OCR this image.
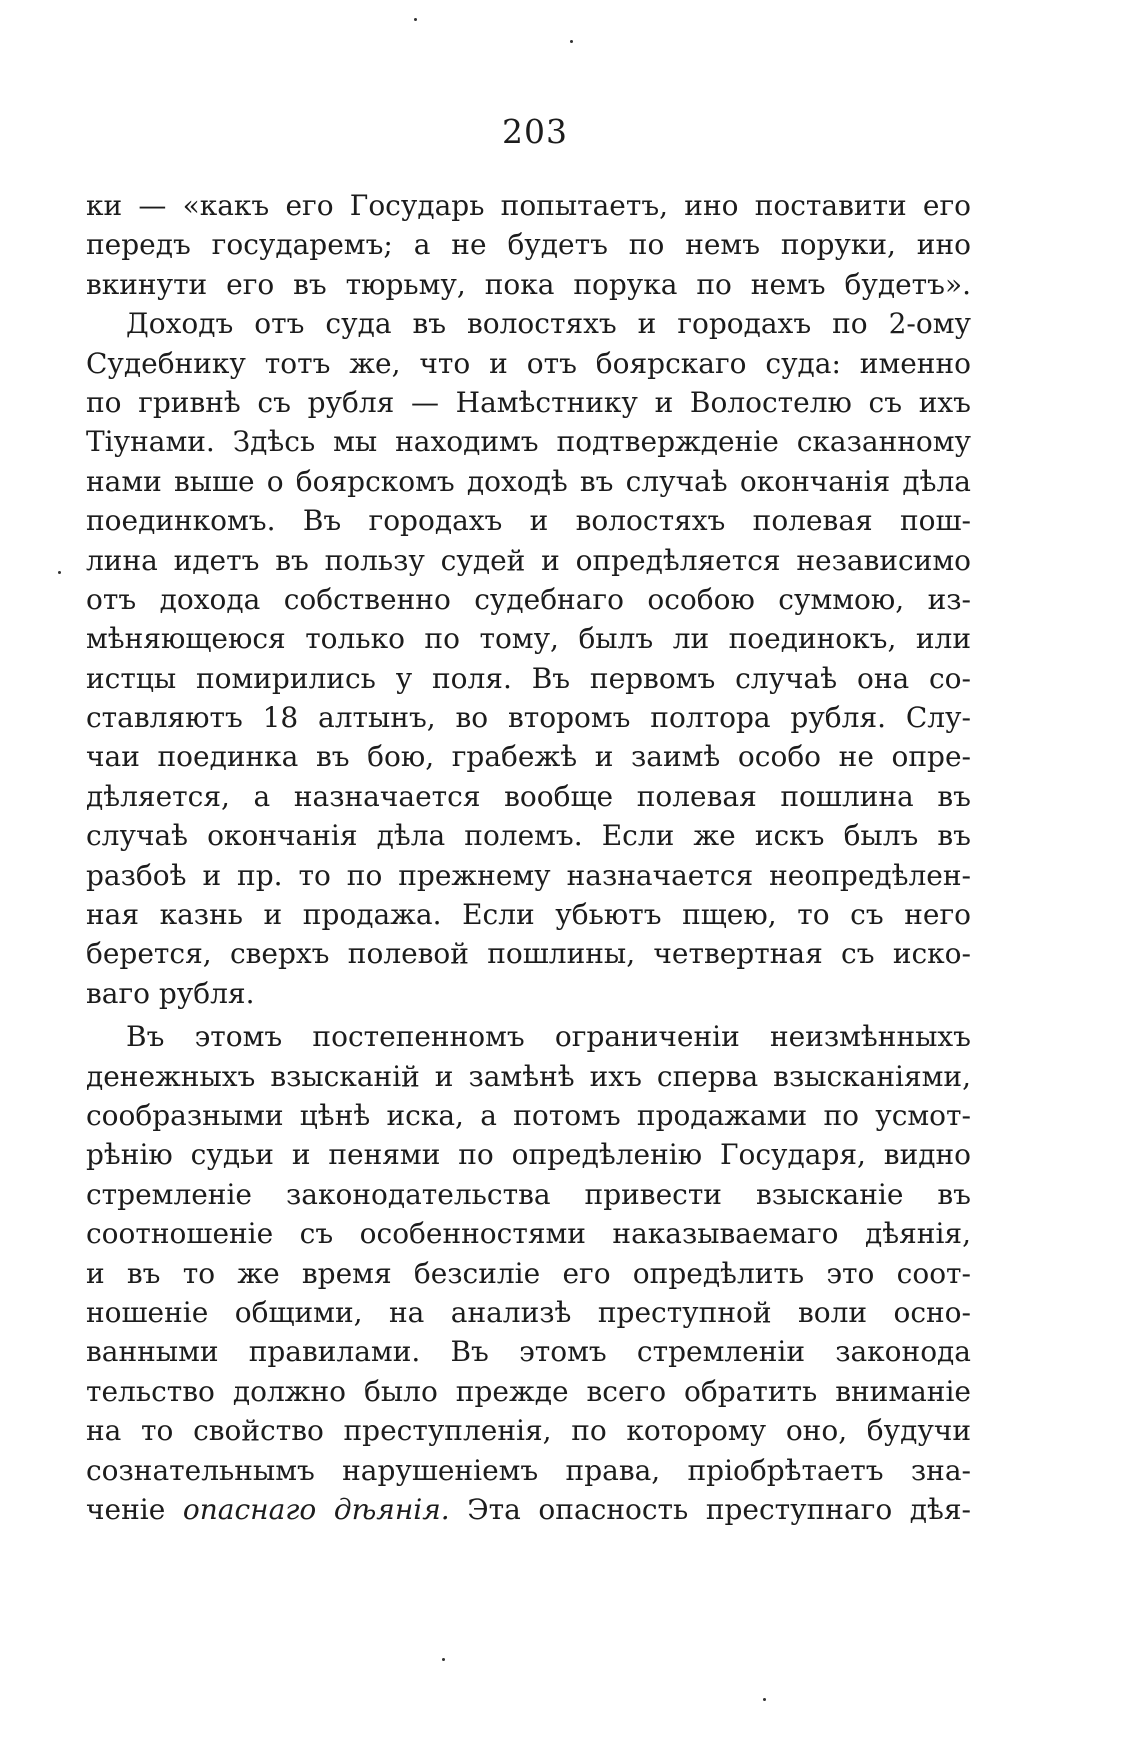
203
ки — «какъ его Государь попытаетъ, ино поставити его
передъ государемъ; а не будетъ по немъ поруки, ино
вкинути его въ тюрьму, пока порука по немъ будетъ».
Доходъ отъ суда въ волостяхъ и городахъ по 2-ому
Судебнику тотъ же, что и отъ боярскаго суда: именно
по гривнѣ съ рубля — Намѣстнику и Волостелю съ ихъ
Тіунами. Здѣсь мы находимъ подтвержденіе сказанному
нами выше о боярскомъ доходѣ въ случаѣ окончанія дѣла
поединкомъ. Въ городахъ и волостяхъ полевая пош-
лина идетъ въ пользу судей и опредѣляется независимо
отъ дохода собственно судебнаго особою суммою, из-
мѣняющеюся только по тому, былъ ли поединокъ, или
истцы помирились у поля. Въ первомъ случаѣ она со-
ставляютъ 18 алтынъ, во второмъ полтора рубля. Слу-
чаи поединка въ бою, грабежѣ и заимѣ особо не опре-
дѣляется, а назначается вообще полевая пошлина въ
случаѣ окончанія дѣла полемъ. Если же искъ былъ въ
разбоѣ и пр. то по прежнему назначается неопредѣлен-
ная казнь и продажа. Если убьютъ пщею, то съ него
берется, сверхъ полевой пошлины, четвертная съ иско-
ваго рубля.
Въ этомъ постепенномъ ограниченіи неизмѣнныхъ
денежныхъ взысканій и замѣнѣ ихъ сперва взысканіями,
сообразными цѣнѣ иска, а потомъ продажами по усмот-
рѣнію судьи и пенями по опредѣленію Государя, видно
стремленіе законодательства привести взысканіе въ
соотношеніе съ особенностями наказываемаго дѣянія,
и въ то же время безсиліе его опредѣлить это соот-
ношеніе общими, на анализѣ преступной воли осно-
ванными правилами. Въ этомъ стремленіи законода
тельство должно было прежде всего обратить вниманіе
на то свойство преступленія, по которому оно, будучи
сознательнымъ нарушеніемъ права, пріобрѣтаетъ зна-
ченіе опаснаго дѣянія. Эта опасность преступнаго дѣя-
